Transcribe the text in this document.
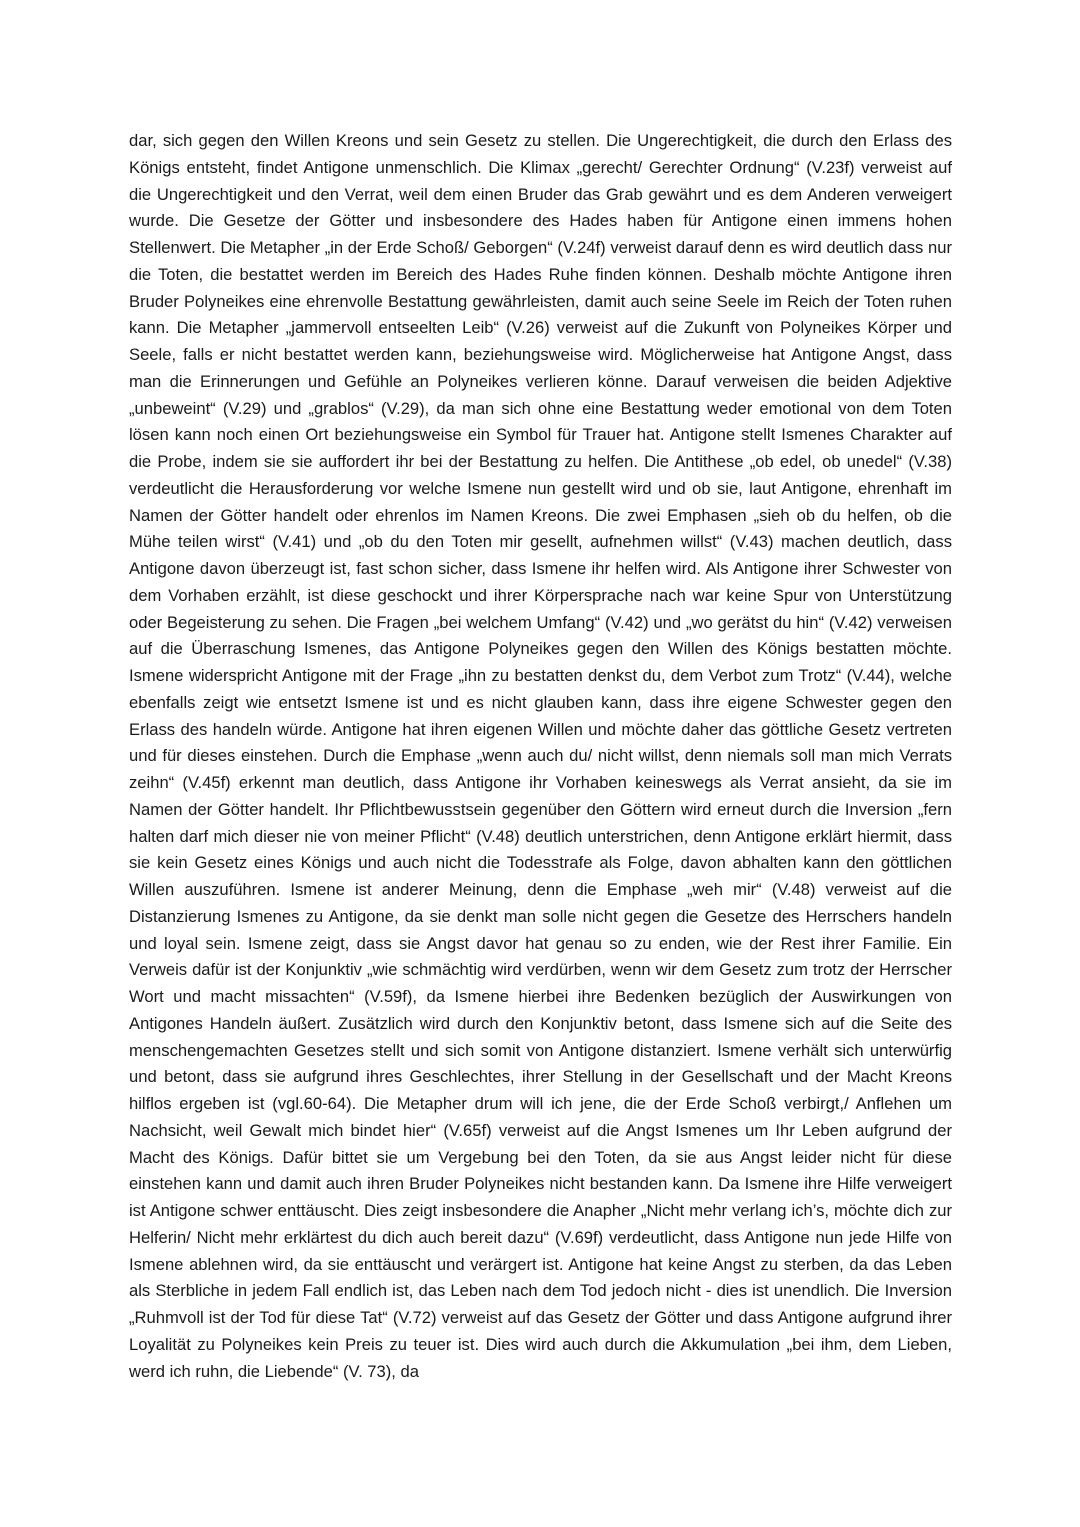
dar, sich gegen den Willen Kreons und sein Gesetz zu stellen. Die Ungerechtigkeit, die durch den Erlass des Königs entsteht, findet Antigone unmenschlich. Die Klimax „gerecht/ Gerechter Ordnung“ (V.23f) verweist auf die Ungerechtigkeit und den Verrat, weil dem einen Bruder das Grab gewährt und es dem Anderen verweigert wurde. Die Gesetze der Götter und insbesondere des Hades haben für Antigone einen immens hohen Stellenwert. Die Metapher „in der Erde Schoß/ Geborgen“ (V.24f) verweist darauf denn es wird deutlich dass nur die Toten, die bestattet werden im Bereich des Hades Ruhe finden können. Deshalb möchte Antigone ihren Bruder Polyneikes eine ehrenvolle Bestattung gewährleisten, damit auch seine Seele im Reich der Toten ruhen kann. Die Metapher „jammervoll entseelten Leib“ (V.26) verweist auf die Zukunft von Polyneikes Körper und Seele, falls er nicht bestattet werden kann, beziehungsweise wird. Möglicherweise hat Antigone Angst, dass man die Erinnerungen und Gefühle an Polyneikes verlieren könne. Darauf verweisen die beiden Adjektive „unbeweint“ (V.29) und „grablos“ (V.29), da man sich ohne eine Bestattung weder emotional von dem Toten lösen kann noch einen Ort beziehungsweise ein Symbol für Trauer hat. Antigone stellt Ismenes Charakter auf die Probe, indem sie sie auffordert ihr bei der Bestattung zu helfen. Die Antithese „ob edel, ob unedel“ (V.38) verdeutlicht die Herausforderung vor welche Ismene nun gestellt wird und ob sie, laut Antigone, ehrenhaft im Namen der Götter handelt oder ehrenlos im Namen Kreons. Die zwei Emphasen „sieh ob du helfen, ob die Mühe teilen wirst“ (V.41) und „ob du den Toten mir gesellt, aufnehmen willst“ (V.43) machen deutlich, dass Antigone davon überzeugt ist, fast schon sicher, dass Ismene ihr helfen wird. Als Antigone ihrer Schwester von dem Vorhaben erzählt, ist diese geschockt und ihrer Körpersprache nach war keine Spur von Unterstützung oder Begeisterung zu sehen. Die Fragen „bei welchem Umfang“ (V.42) und „wo gerätst du hin“ (V.42) verweisen auf die Überraschung Ismenes, das Antigone Polyneikes gegen den Willen des Königs bestatten möchte. Ismene widerspricht Antigone mit der Frage „ihn zu bestatten denkst du, dem Verbot zum Trotz“ (V.44), welche ebenfalls zeigt wie entsetzt Ismene ist und es nicht glauben kann, dass ihre eigene Schwester gegen den Erlass des handeln würde. Antigone hat ihren eigenen Willen und möchte daher das göttliche Gesetz vertreten und für dieses einstehen. Durch die Emphase „wenn auch du/ nicht willst, denn niemals soll man mich Verrats zeihn“ (V.45f) erkennt man deutlich, dass Antigone ihr Vorhaben keineswegs als Verrat ansieht, da sie im Namen der Götter handelt. Ihr Pflichtbewusstsein gegenüber den Göttern wird erneut durch die Inversion „fern halten darf mich dieser nie von meiner Pflicht“ (V.48) deutlich unterstrichen, denn Antigone erklärt hiermit, dass sie kein Gesetz eines Königs und auch nicht die Todesstrafe als Folge, davon abhalten kann den göttlichen Willen auszuführen. Ismene ist anderer Meinung, denn die Emphase „weh mir“ (V.48) verweist auf die Distanzierung Ismenes zu Antigone, da sie denkt man solle nicht gegen die Gesetze des Herrschers handeln und loyal sein. Ismene zeigt, dass sie Angst davor hat genau so zu enden, wie der Rest ihrer Familie. Ein Verweis dafür ist der Konjunktiv „wie schmächtig wird verdürben, wenn wir dem Gesetz zum trotz der Herrscher Wort und macht missachten“ (V.59f), da Ismene hierbei ihre Bedenken bezüglich der Auswirkungen von Antigones Handeln äußert. Zusätzlich wird durch den Konjunktiv betont, dass Ismene sich auf die Seite des menschengemachten Gesetzes stellt und sich somit von Antigone distanziert. Ismene verhält sich unterwürfig und betont, dass sie aufgrund ihres Geschlechtes, ihrer Stellung in der Gesellschaft und der Macht Kreons hilflos ergeben ist (vgl.60-64). Die Metapher drum will ich jene, die der Erde Schoß verbirgt,/ Anflehen um Nachsicht, weil Gewalt mich bindet hier“ (V.65f) verweist auf die Angst Ismenes um Ihr Leben aufgrund der Macht des Königs. Dafür bittet sie um Vergebung bei den Toten, da sie aus Angst leider nicht für diese einstehen kann und damit auch ihren Bruder Polyneikes nicht bestanden kann. Da Ismene ihre Hilfe verweigert ist Antigone schwer enttäuscht. Dies zeigt insbesondere die Anapher „Nicht mehr verlang ich’s, möchte dich zur Helferin/ Nicht mehr erklärtest du dich auch bereit dazu“ (V.69f) verdeutlicht, dass Antigone nun jede Hilfe von Ismene ablehnen wird, da sie enttäuscht und verärgert ist. Antigone hat keine Angst zu sterben, da das Leben als Sterbliche in jedem Fall endlich ist, das Leben nach dem Tod jedoch nicht - dies ist unendlich. Die Inversion „Ruhmvoll ist der Tod für diese Tat“ (V.72) verweist auf das Gesetz der Götter und dass Antigone aufgrund ihrer Loyalität zu Polyneikes kein Preis zu teuer ist. Dies wird auch durch die Akkumulation „bei ihm, dem Lieben, werd ich ruhn, die Liebende“ (V. 73), da
